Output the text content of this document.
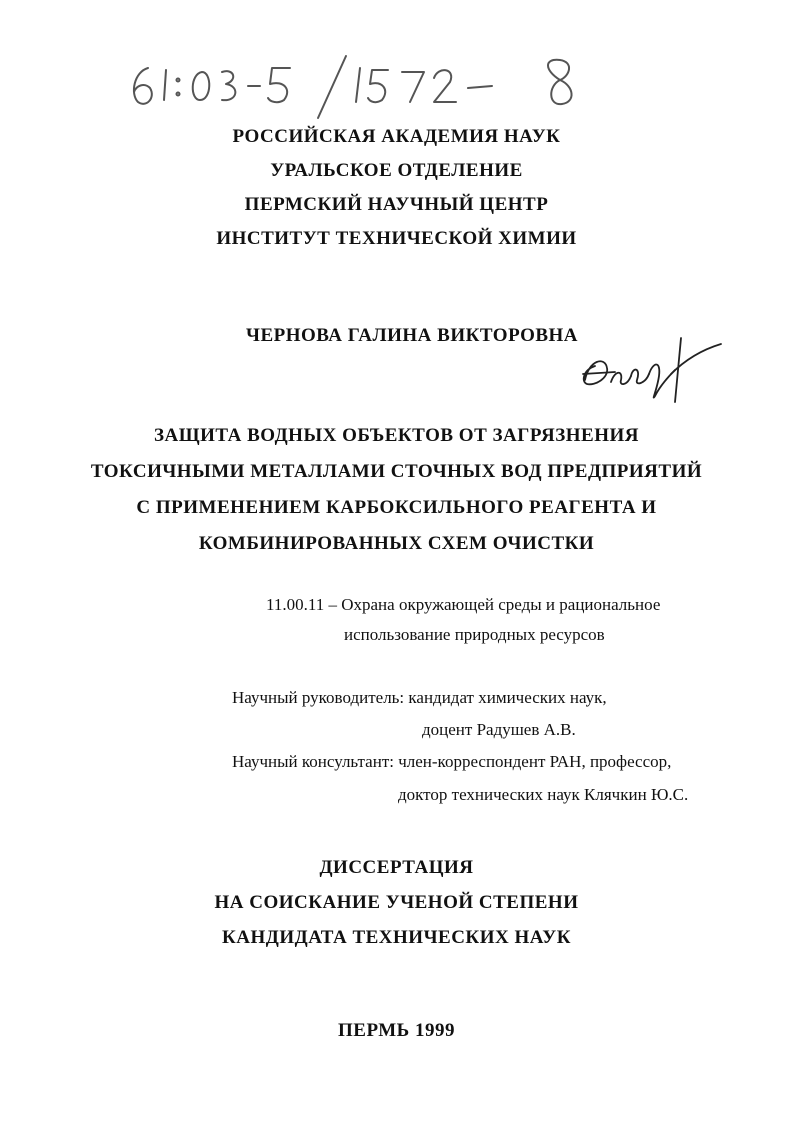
РОССИЙСКАЯ АКАДЕМИЯ НАУК

УРАЛЬСКОЕ ОТДЕЛЕНИЕ

ПЕРМСКИЙ НАУЧНЫЙ ЦЕНТР

ИНСТИТУТ ТЕХНИЧЕСКОЙ ХИМИИ

ЧЕРНОВА ГАЛИНА ВИКТОРОВНА

ЗАЩИТА ВОДНЫХ ОБЪЕКТОВ ОТ ЗАГРЯЗНЕНИЯ

ТОКСИЧНЫМИ МЕТАЛЛАМИ СТОЧНЫХ ВОД ПРЕДПРИЯТИЙ

С ПРИМЕНЕНИЕМ КАРБОКСИЛЬНОГО РЕАГЕНТА И

КОМБИНИРОВАННЫХ СХЕМ ОЧИСТКИ

11.00.11 – Охрана окружающей среды и рациональное
использование природных ресурсов
Научный руководитель: кандидат химических наук,
доцент Радушев А.В.
Научный консультант: член-корреспондент РАН, профессор,
доктор технических наук Клячкин Ю.С.

ДИССЕРТАЦИЯ

НА СОИСКАНИЕ УЧЕНОЙ СТЕПЕНИ

КАНДИДАТА ТЕХНИЧЕСКИХ НАУК

ПЕРМЬ 1999
